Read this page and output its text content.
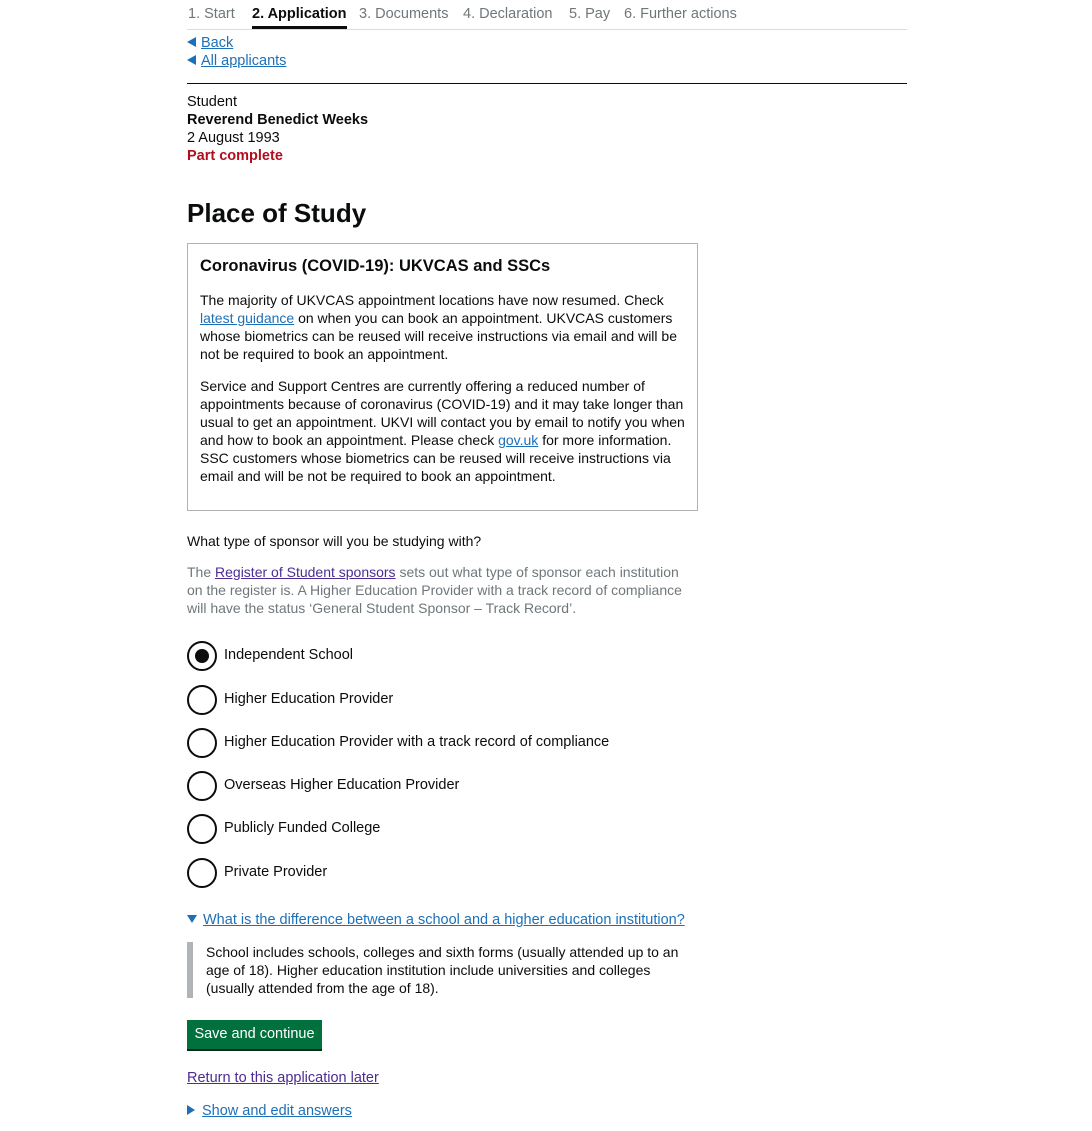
1. Start 2. Application 3. Documents 4. Declaration 5. Pay 6. Further actions
Back
All applicants
Student
Reverend Benedict Weeks
2 August 1993
Part complete
Place of Study
Coronavirus (COVID-19): UKVCAS and SSCs

The majority of UKVCAS appointment locations have now resumed. Check latest guidance on when you can book an appointment. UKVCAS customers whose biometrics can be reused will receive instructions via email and will be not be required to book an appointment.

Service and Support Centres are currently offering a reduced number of appointments because of coronavirus (COVID-19) and it may take longer than usual to get an appointment. UKVI will contact you by email to notify you when and how to book an appointment. Please check gov.uk for more information. SSC customers whose biometrics can be reused will receive instructions via email and will be not be required to book an appointment.

What type of sponsor will you be studying with?
The Register of Student sponsors sets out what type of sponsor each institution on the register is. A Higher Education Provider with a track record of compliance will have the status ‘General Student Sponsor – Track Record’.
Independent School
Higher Education Provider
Higher Education Provider with a track record of compliance
Overseas Higher Education Provider
Publicly Funded College
Private Provider
What is the difference between a school and a higher education institution?
School includes schools, colleges and sixth forms (usually attended up to an age of 18). Higher education institution include universities and colleges (usually attended from the age of 18).
Save and continue
Return to this application later
Show and edit answers
